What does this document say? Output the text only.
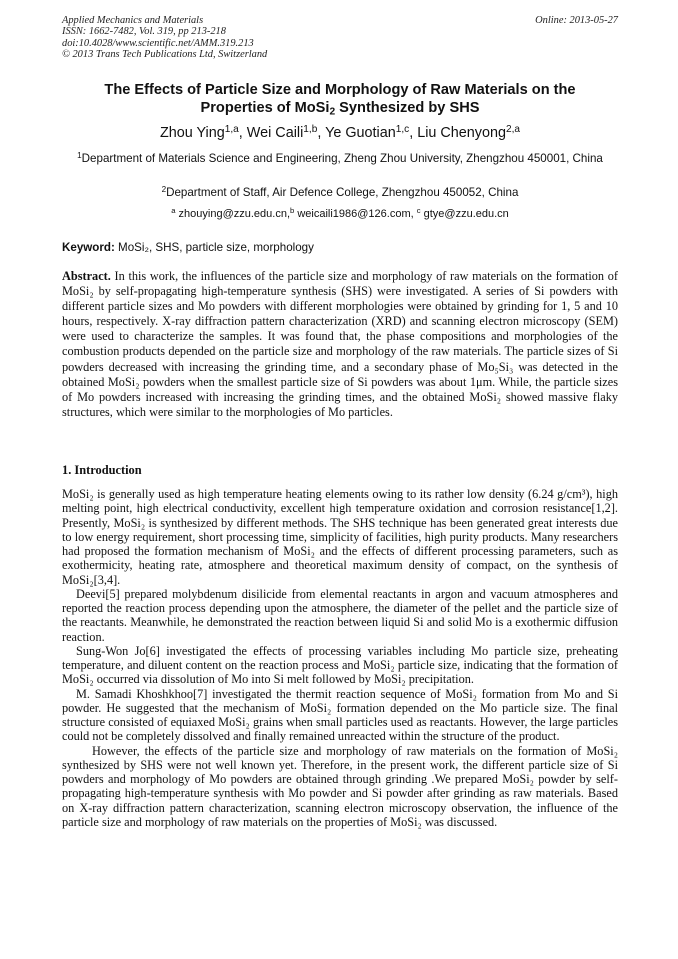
Applied Mechanics and Materials
ISSN: 1662-7482, Vol. 319, pp 213-218
doi:10.4028/www.scientific.net/AMM.319.213
© 2013 Trans Tech Publications Ltd, Switzerland
Online: 2013-05-27
The Effects of Particle Size and Morphology of Raw Materials on the
Properties of MoSi$_2$ Synthesized by SHS
Zhou Ying$^{1,a}$, Wei Caili$^{1,b}$, Ye Guotian$^{1,c}$, Liu Chenyong$^{2,a}$
$^1$Department of Materials Science and Engineering, Zheng Zhou University, Zhengzhou 450001, China
$^2$Department of Staff, Air Defence College, Zhengzhou 450052, China
$^a$ zhouying@zzu.edu.cn,$^b$ weicaili1986@126.com, $^c$ gtye@zzu.edu.cn
Keyword: MoSi₂, SHS, particle size, morphology
Abstract. In this work, the influences of the particle size and morphology of raw materials on the formation of MoSi₂ by self-propagating high-temperature synthesis (SHS) were investigated. A series of Si powders with different particle sizes and Mo powders with different morphologies were obtained by grinding for 1, 5 and 10 hours, respectively. X-ray diffraction pattern characterization (XRD) and scanning electron microscopy (SEM) were used to characterize the samples. It was found that, the phase compositions and morphologies of the combustion products depended on the particle size and morphology of the raw materials. The particle sizes of Si powders decreased with increasing the grinding time, and a secondary phase of Mo₅Si₃ was detected in the obtained MoSi₂ powders when the smallest particle size of Si powders was about 1μm. While, the particle sizes of Mo powders increased with increasing the grinding times, and the obtained MoSi₂ showed massive flaky structures, which were similar to the morphologies of Mo particles.
1. Introduction

MoSi₂ is generally used as high temperature heating elements owing to its rather low density (6.24 g/cm³), high melting point, high electrical conductivity, excellent high temperature oxidation and corrosion resistance[1,2]. Presently, MoSi₂ is synthesized by different methods. The SHS technique has been generated great interests due to low energy requirement, short processing time, simplicity of facilities, high purity products. Many researchers had proposed the formation mechanism of MoSi₂ and the effects of different processing parameters, such as exothermicity, heating rate, atmosphere and theoretical maximum density of compact, on the synthesis of MoSi₂[3,4].

Deevi[5] prepared molybdenum disilicide from elemental reactants in argon and vacuum atmospheres and reported the reaction process depending upon the atmosphere, the diameter of the pellet and the particle size of the reactants. Meanwhile, he demonstrated the reaction between liquid Si and solid Mo is a exothermic diffusion reaction.

Sung-Won Jo[6] investigated the effects of processing variables including Mo particle size, preheating temperature, and diluent content on the reaction process and MoSi₂ particle size, indicating that the formation of MoSi₂ occurred via dissolution of Mo into Si melt followed by MoSi₂ precipitation.

M. Samadi Khoshkhoo[7] investigated the thermit reaction sequence of MoSi₂ formation from Mo and Si powder. He suggested that the mechanism of MoSi₂ formation depended on the Mo particle size. The final structure consisted of equiaxed MoSi₂ grains when small particles used as reactants. However, the large particles could not be completely dissolved and finally remained unreacted within the structure of the product.

However, the effects of the particle size and morphology of raw materials on the formation of MoSi₂ synthesized by SHS were not well known yet. Therefore, in the present work, the different particle size of Si powders and morphology of Mo powders are obtained through grinding .We prepared MoSi₂ powder by self-propagating high-temperature synthesis with Mo powder and Si powder after grinding as raw materials. Based on X-ray diffraction pattern characterization, scanning electron microscopy observation, the influence of the particle size and morphology of raw materials on the properties of MoSi₂ was discussed.
